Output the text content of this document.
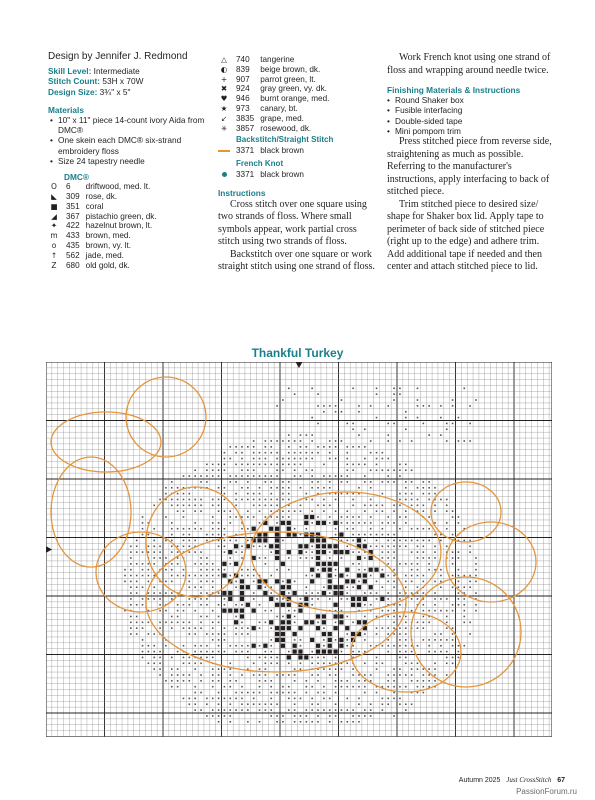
Design by Jennifer J. Redmond
Skill Level: Intermediate
Stitch Count: 53H x 70W
Design Size: 3¾" x 5"
Materials
• 10" x 11" piece 14-count ivory Aida from DMC®
• One skein each DMC® six-strand embroidery floss
• Size 24 tapestry needle
DMC®
O	6	driftwood, med. lt.
◣	309	rose, dk.
■	351	coral
◢	367	pistachio green, dk.
✦	422	hazelnut brown, lt.
m	433	brown, med.
o	435	brown, vy. lt.
↑	562	jade, med.
Z	680	old gold, dk.
△	740	tangerine
◐	839	beige brown, dk.
+	907	parrot green, lt.
✖	924	gray green, vy. dk.
♥	946	burnt orange, med.
★	973	canary, bt.
↙	3835	grape, med.
✳	3857	rosewood, dk.
Backstitch/Straight Stitch
	3371	black brown
French Knot
	3371	black brown
Instructions

Cross stitch over one square using two strands of floss. Where small symbols appear, work partial cross stitch using two strands of floss.

Backstitch over one square or work straight stitch using one strand of floss.

Work French knot using one strand of floss and wrapping around needle twice.

Finishing Materials & Instructions
• Round Shaker box
• Fusible interfacing
• Double-sided tape
• Mini pompom trim

Press stitched piece from reverse side, straightening as much as possible. Referring to the manufacturer's instructions, apply interfacing to back of stitched piece.

Trim stitched piece to desired size/ shape for Shaker box lid. Apply tape to perimeter of back side of stitched piece (right up to the edge) and adhere trim. Add additional tape if needed and then center and attach stitched piece to lid.

Thankful Turkey
Autumn 2025 Just CrossStitch 67
PassionForum.ru
